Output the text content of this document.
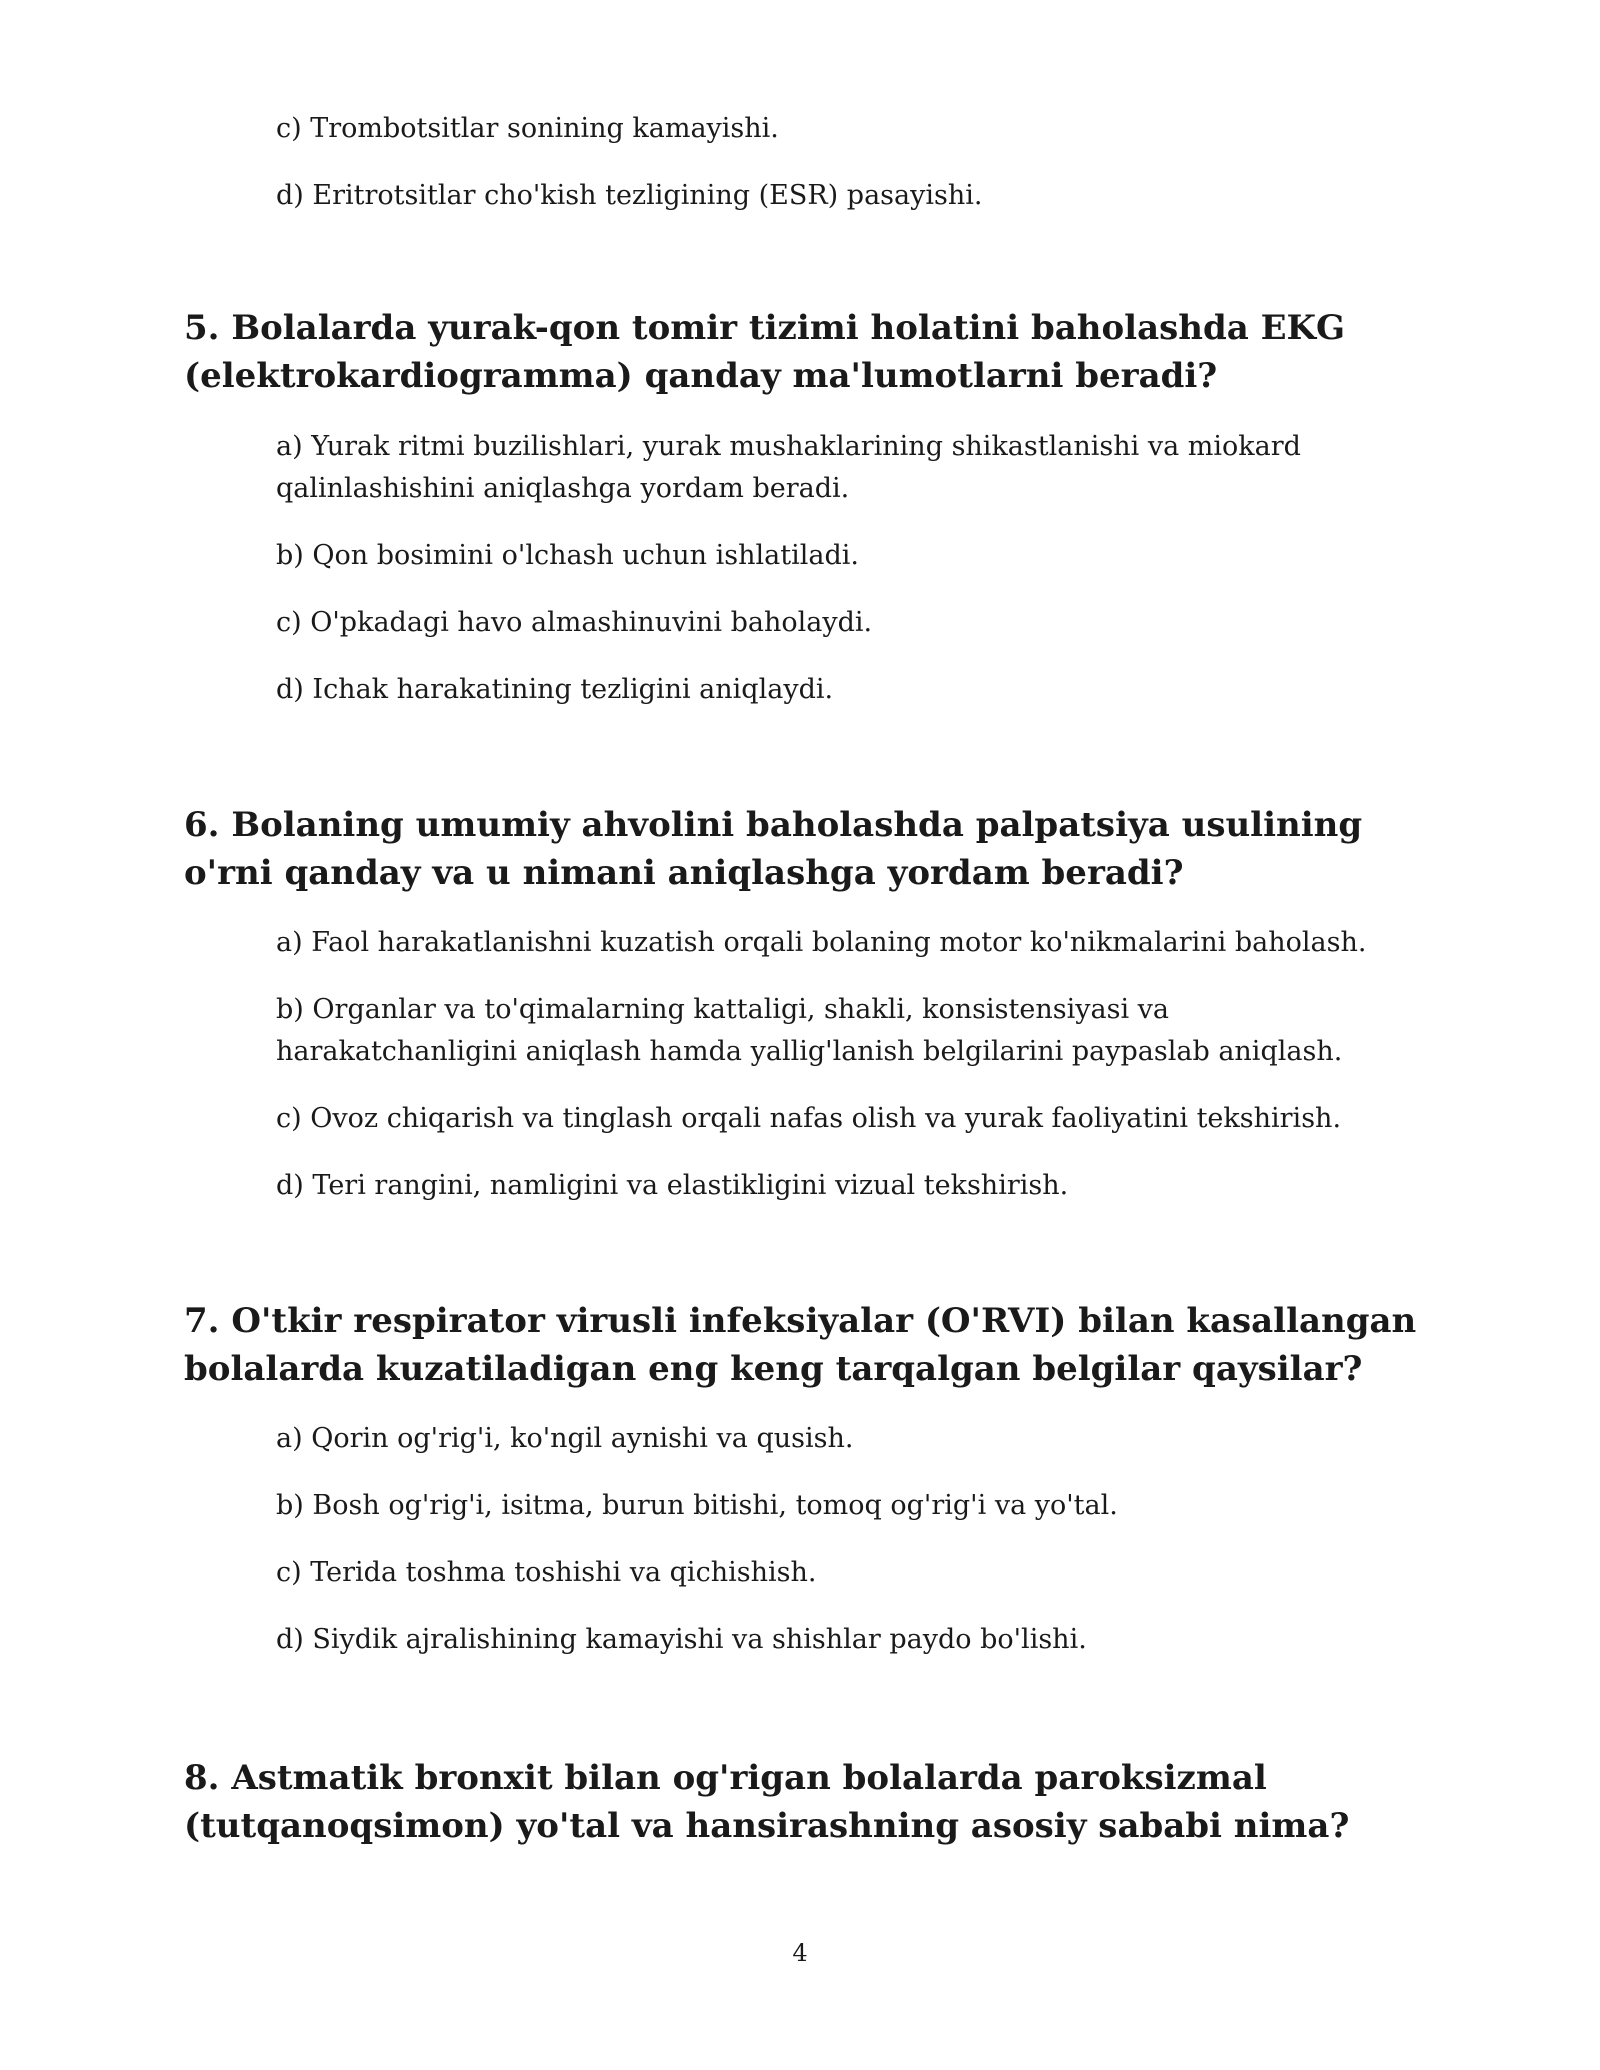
c) Trombotsitlar sonining kamayishi.

d) Eritrotsitlar cho'kish tezligining (ESR) pasayishi.

5. Bolalarda yurak-qon tomir tizimi holatini baholashda EKG (elektrokardiogramma) qanday ma'lumotlarni beradi?

a) Yurak ritmi buzilishlari, yurak mushaklarining shikastlanishi va miokard qalinlashishini aniqlashga yordam beradi.

b) Qon bosimini o'lchash uchun ishlatiladi.

c) O'pkadagi havo almashinuvini baholaydi.

d) Ichak harakatining tezligini aniqlaydi.

6. Bolaning umumiy ahvolini baholashda palpatsiya usulining o'rni qanday va u nimani aniqlashga yordam beradi?

a) Faol harakatlanishni kuzatish orqali bolaning motor ko'nikmalarini baholash.

b) Organlar va to'qimalarning kattaligi, shakli, konsistensiyasi va harakatchanligini aniqlash hamda yallig'lanish belgilarini paypaslab aniqlash.

c) Ovoz chiqarish va tinglash orqali nafas olish va yurak faoliyatini tekshirish.

d) Teri rangini, namligini va elastikligini vizual tekshirish.

7. O'tkir respirator virusli infeksiyalar (O'RVI) bilan kasallangan bolalarda kuzatiladigan eng keng tarqalgan belgilar qaysilar?

a) Qorin og'rig'i, ko'ngil aynishi va qusish.

b) Bosh og'rig'i, isitma, burun bitishi, tomoq og'rig'i va yo'tal.

c) Terida toshma toshishi va qichishish.

d) Siydik ajralishining kamayishi va shishlar paydo bo'lishi.

8. Astmatik bronxit bilan og'rigan bolalarda paroksizmal (tutqanoqsimon) yo'tal va hansirashning asosiy sababi nima?

4
